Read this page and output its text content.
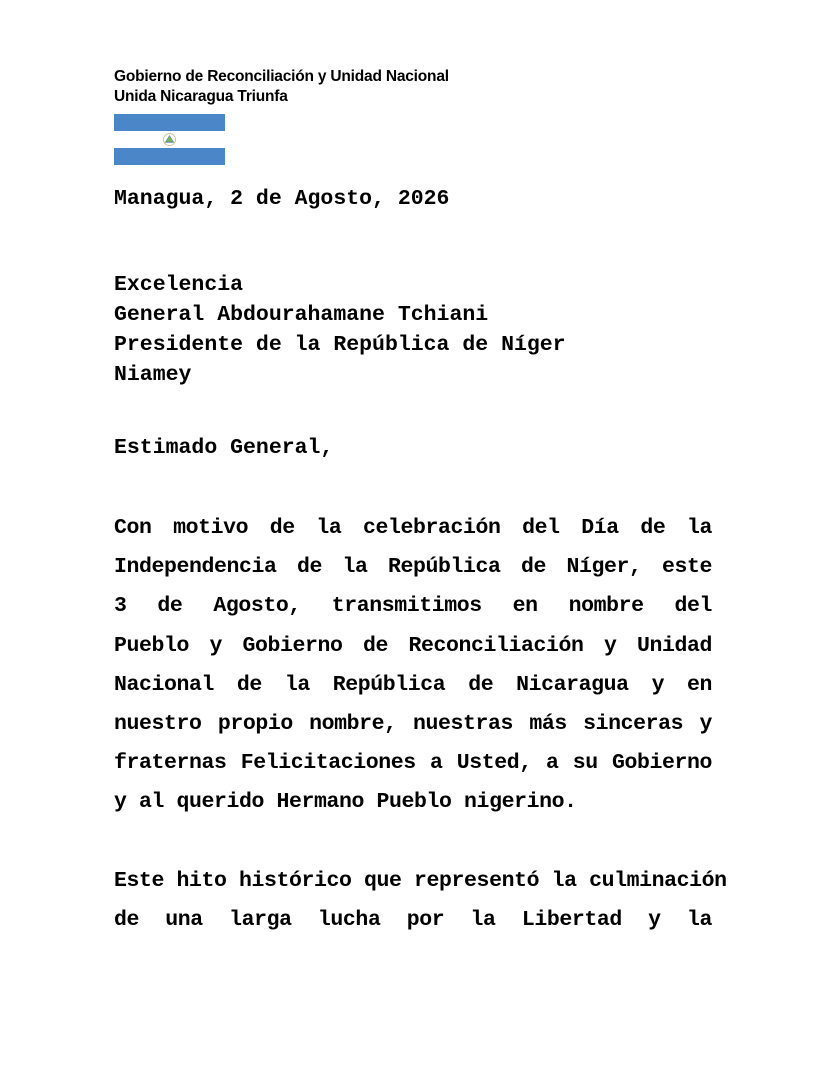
Gobierno de Reconciliación y Unidad Nacional
Unida Nicaragua Triunfa
Managua, 2 de Agosto, 2026
Excelencia
General Abdourahamane Tchiani
Presidente de la República de Níger
Niamey
Estimado General,
Con motivo de la celebración del Día de la
Independencia de la República de Níger, este
3 de Agosto, transmitimos en nombre del
Pueblo y Gobierno de Reconciliación y Unidad
Nacional de la República de Nicaragua y en
nuestro propio nombre, nuestras más sinceras y
fraternas Felicitaciones a Usted, a su Gobierno
y al querido Hermano Pueblo nigerino.
Este hito histórico que representó la culminación
de una larga lucha por la Libertad y la
